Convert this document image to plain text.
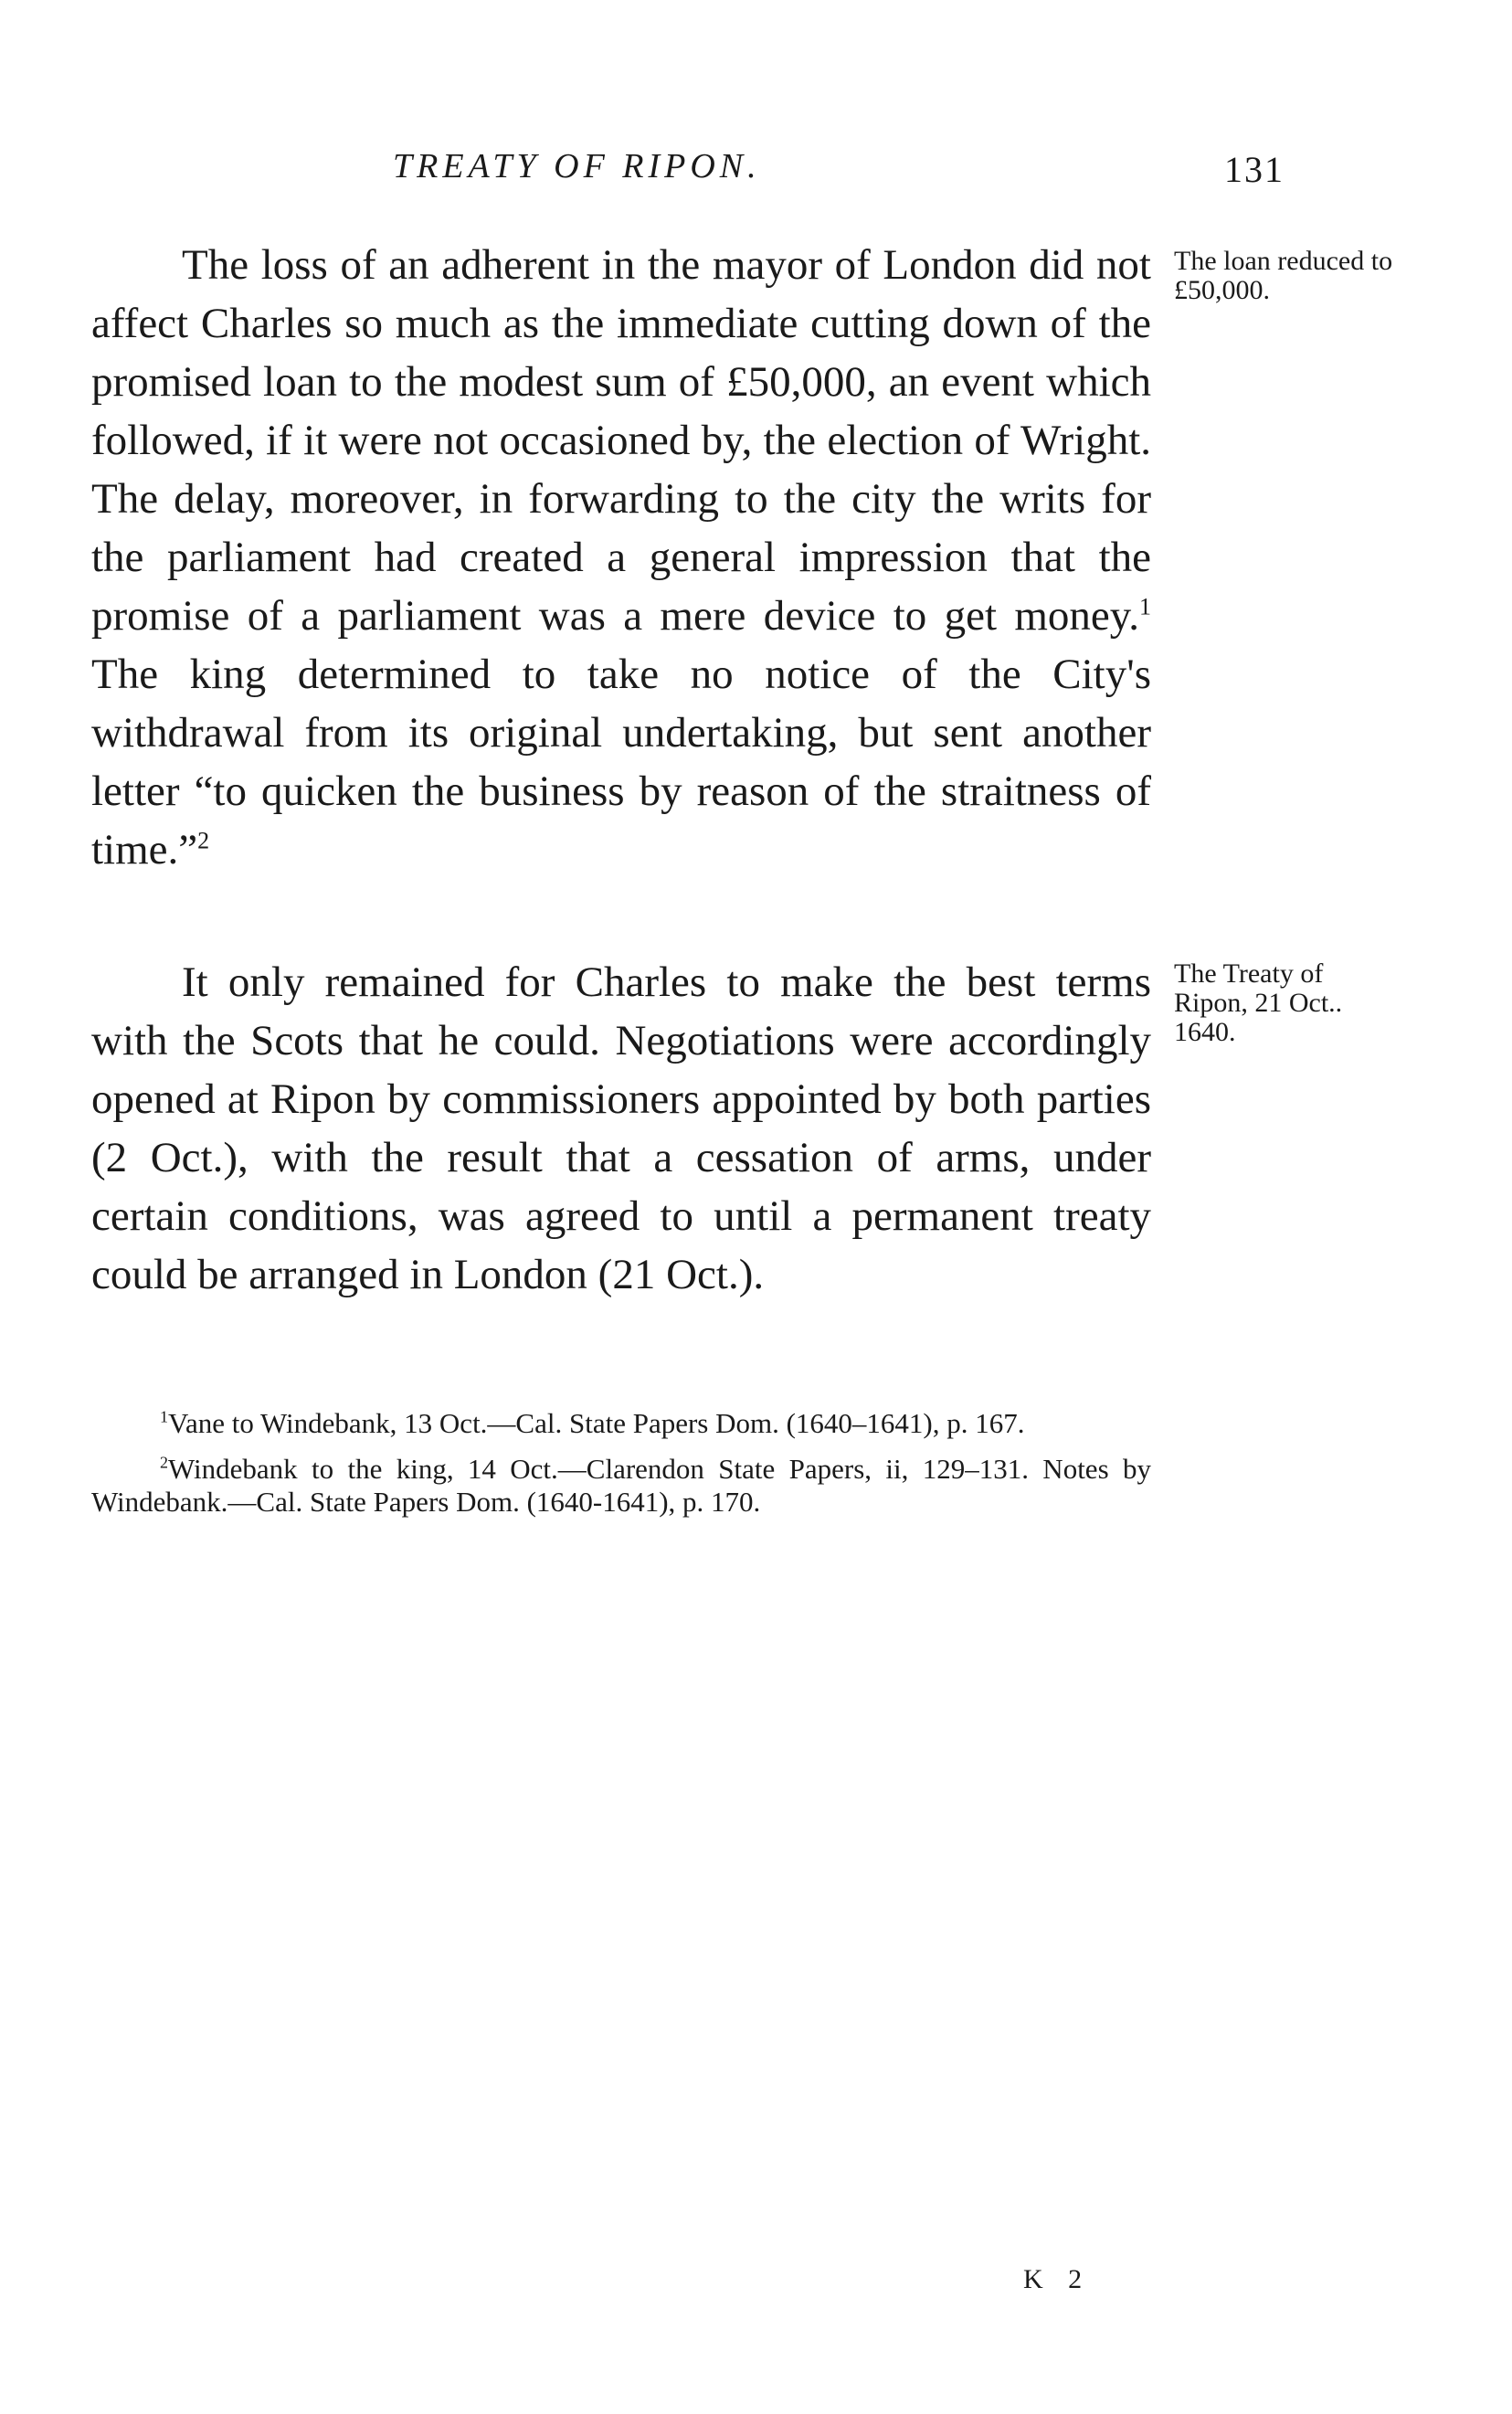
TREATY OF RIPON.	131

The loss of an adherent in the mayor of London did not affect Charles so much as the immediate cutting down of the promised loan to the modest sum of £50,000, an event which followed, if it were not occasioned by, the election of Wright. The delay, moreover, in forwarding to the city the writs for the parliament had created a general impression that the promise of a parliament was a mere device to get money.$^1$ The king determined to take no notice of the City's withdrawal from its original undertaking, but sent another letter “to quicken the business by reason of the straitness of time.”$^2$

The loan reduced to £50,000.

It only remained for Charles to make the best terms with the Scots that he could. Negotiations were accordingly opened at Ripon by commissioners appointed by both parties (2 Oct.), with the result that a cessation of arms, under certain conditions, was agreed to until a permanent treaty could be arranged in London (21 Oct.).

The Treaty of Ripon, 21 Oct.. 1640.

$^1$Vane to Windebank, 13 Oct.—Cal. State Papers Dom. (1640–1641), p. 167.

$^2$Windebank to the king, 14 Oct.—Clarendon State Papers, ii, 129–131. Notes by Windebank.—Cal. State Papers Dom. (1640-1641), p. 170.

K 2
